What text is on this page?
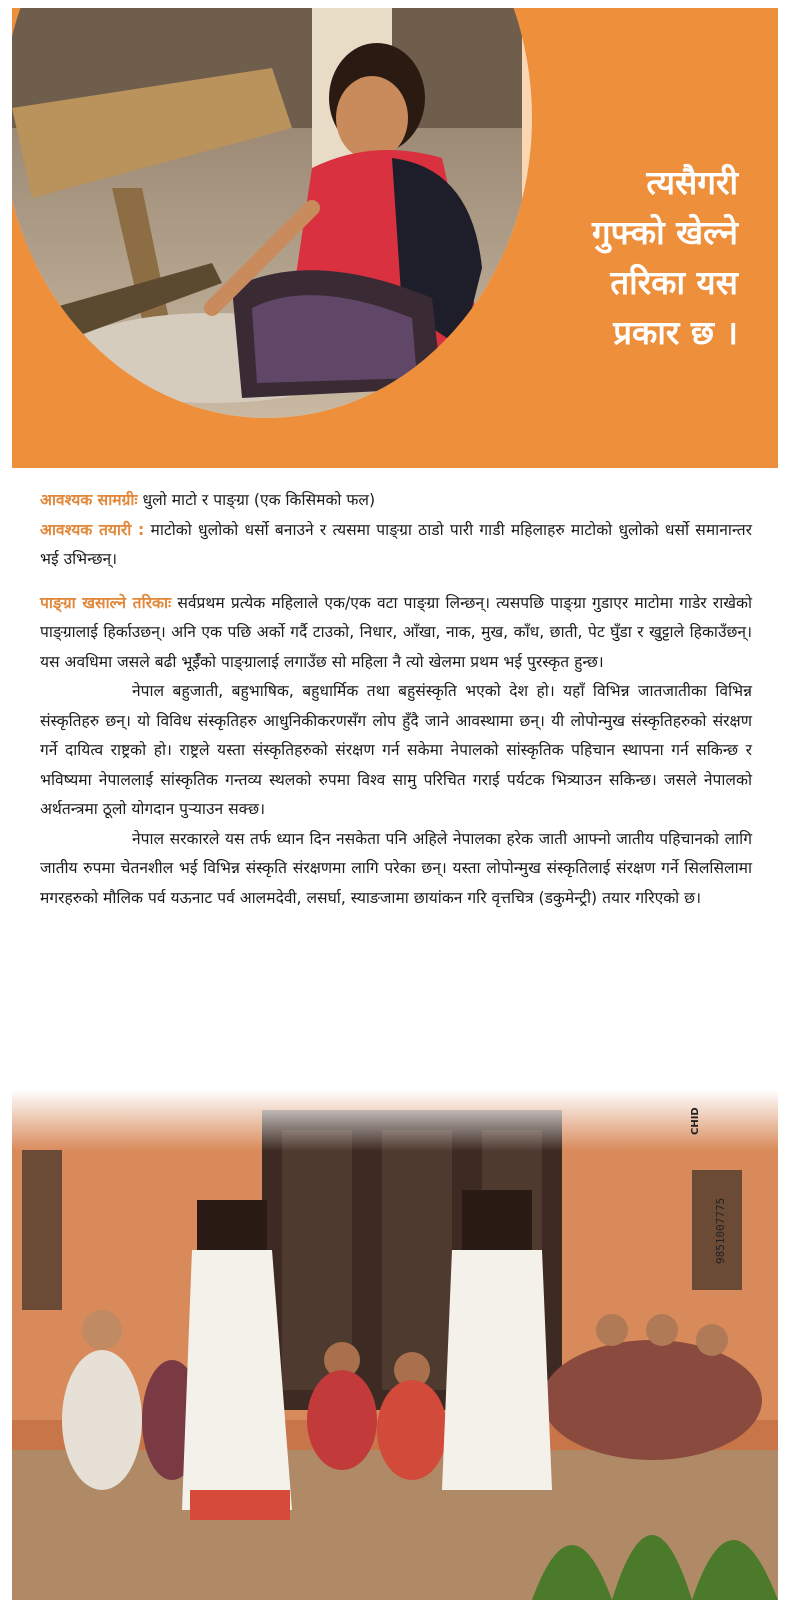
त्यसैगरी
गुफ्को खेल्ने
तरिका यस
प्रकार छ ।

आवश्यक सामग्रीः धुलो माटो र पाङ्ग्रा (एक किसिमको फल)

आवश्यक तयारी : माटोको धुलोको धर्सो बनाउने र त्यसमा पाङ्ग्रा ठाडो पारी गाडी महिलाहरु माटोको धुलोको धर्सो समानान्तर भई उभिन्छन्।

पाङ्ग्रा खसाल्ने तरिकाः सर्वप्रथम प्रत्येक महिलाले एक/एक वटा पाङ्ग्रा लिन्छन्। त्यसपछि पाङ्ग्रा गुडाएर माटोमा गाडेर राखेको पाङ्ग्रालाई हिर्काउछन्। अनि एक पछि अर्को गर्दै टाउको, निधार, आँखा, नाक, मुख, काँध, छाती, पेट घुँडा र खुट्टाले हिकाउँछन्। यस अवधिमा जसले बढी भूईँको पाङ्ग्रालाई लगाउँछ सो महिला नै त्यो खेलमा प्रथम भई पुरस्कृत हुन्छ।

नेपाल बहुजाती, बहुभाषिक, बहुधार्मिक तथा बहुसंस्कृति भएको देश हो। यहाँ विभिन्न जातजातीका विभिन्न संस्कृतिहरु छन्। यो विविध संस्कृतिहरु आधुनिकीकरणसँग लोप हुँदै जाने आवस्थामा छन्। यी लोपोन्मुख संस्कृतिहरुको संरक्षण गर्ने दायित्व राष्ट्रको हो। राष्ट्रले यस्ता संस्कृतिहरुको संरक्षण गर्न सकेमा नेपालको सांस्कृतिक पहिचान स्थापना गर्न सकिन्छ र भविष्यमा नेपाललाई सांस्कृतिक गन्तव्य स्थलको रुपमा विश्व सामु परिचित गराई पर्यटक भित्र्याउन सकिन्छ। जसले नेपालको अर्थतन्त्रमा ठूलो योगदान पुऱ्याउन सक्छ।

नेपाल सरकारले यस तर्फ ध्यान दिन नसकेता पनि अहिले नेपालका हरेक जाती आफ्नो जातीय पहिचानको लागि जातीय रुपमा चेतनशील भई विभिन्न संस्कृति संरक्षणमा लागि परेका छन्। यस्ता लोपोन्मुख संस्कृतिलाई संरक्षण गर्ने सिलसिलामा मगरहरुको मौलिक पर्व यऊनाट पर्व आलमदेवी, लसर्घा, स्याङजामा छायांकन गरि वृत्तचित्र (डकुमेन्ट्री) तयार गरिएको छ।

CHID
9851007775
